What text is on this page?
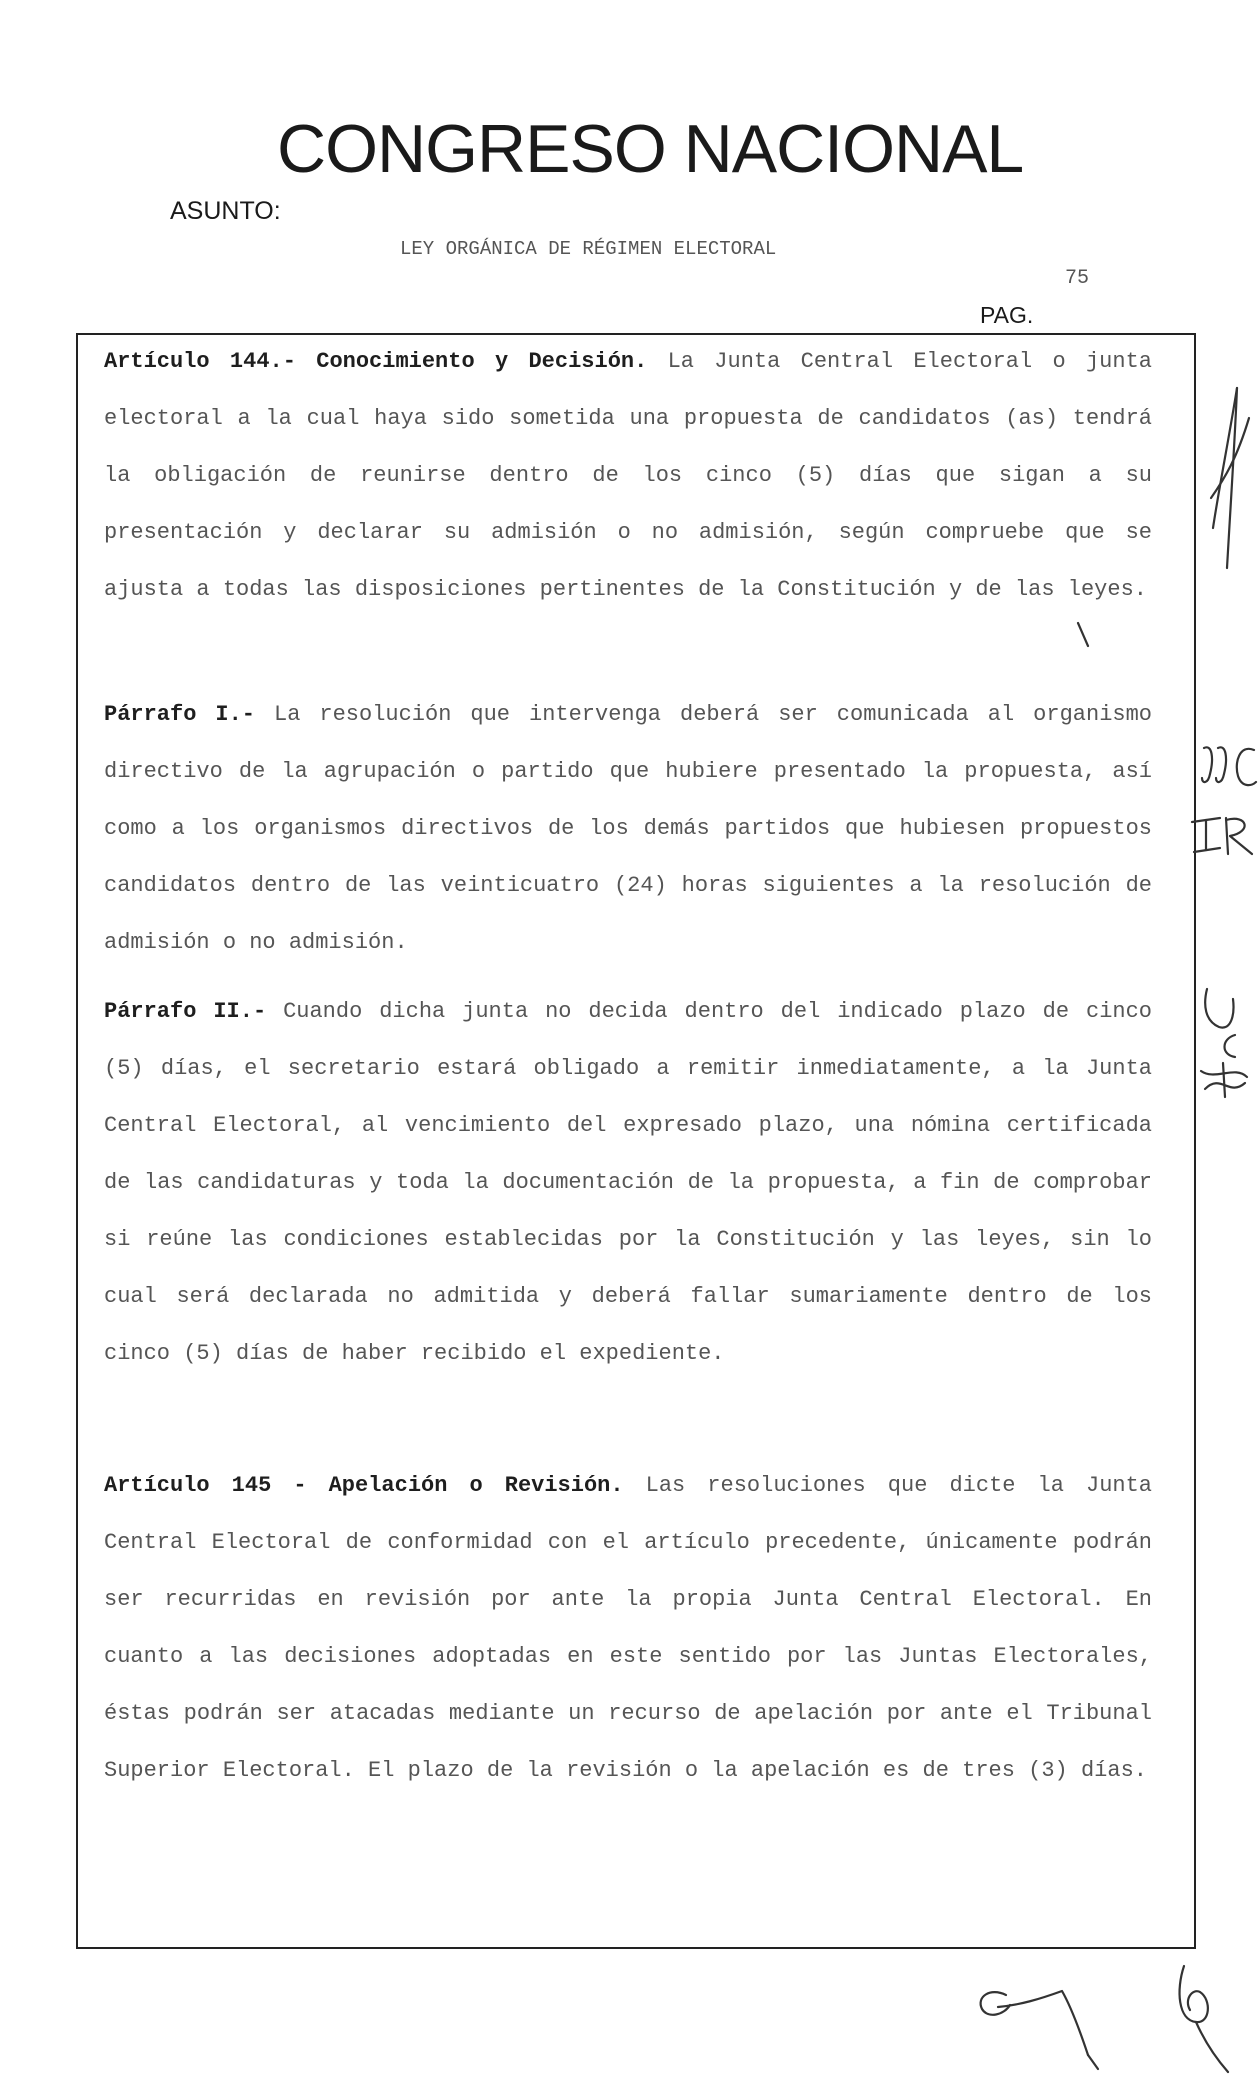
CONGRESO NACIONAL
ASUNTO:
LEY ORGÁNICA DE RÉGIMEN ELECTORAL
75
PAG.

Artículo 144.- Conocimiento y Decisión. La Junta Central Electoral o junta electoral a la cual haya sido sometida una propuesta de candidatos (as) tendrá la obligación de reunirse dentro de los cinco (5) días que sigan a su presentación y declarar su admisión o no admisión, según compruebe que se ajusta a todas las disposiciones pertinentes de la Constitución y de las leyes.

Párrafo I.- La resolución que intervenga deberá ser comunicada al organismo directivo de la agrupación o partido que hubiere presentado la propuesta, así como a los organismos directivos de los demás partidos que hubiesen propuestos candidatos dentro de las veinticuatro (24) horas siguientes a la resolución de admisión o no admisión.

Párrafo II.- Cuando dicha junta no decida dentro del indicado plazo de cinco (5) días, el secretario estará obligado a remitir inmediatamente, a la Junta Central Electoral, al vencimiento del expresado plazo, una nómina certificada de las candidaturas y toda la documentación de la propuesta, a fin de comprobar si reúne las condiciones establecidas por la Constitución y las leyes, sin lo cual será declarada no admitida y deberá fallar sumariamente dentro de los cinco (5) días de haber recibido el expediente.

Artículo 145 - Apelación o Revisión. Las resoluciones que dicte la Junta Central Electoral de conformidad con el artículo precedente, únicamente podrán ser recurridas en revisión por ante la propia Junta Central Electoral. En cuanto a las decisiones adoptadas en este sentido por las Juntas Electorales, éstas podrán ser atacadas mediante un recurso de apelación por ante el Tribunal Superior Electoral. El plazo de la revisión o la apelación es de tres (3) días.
